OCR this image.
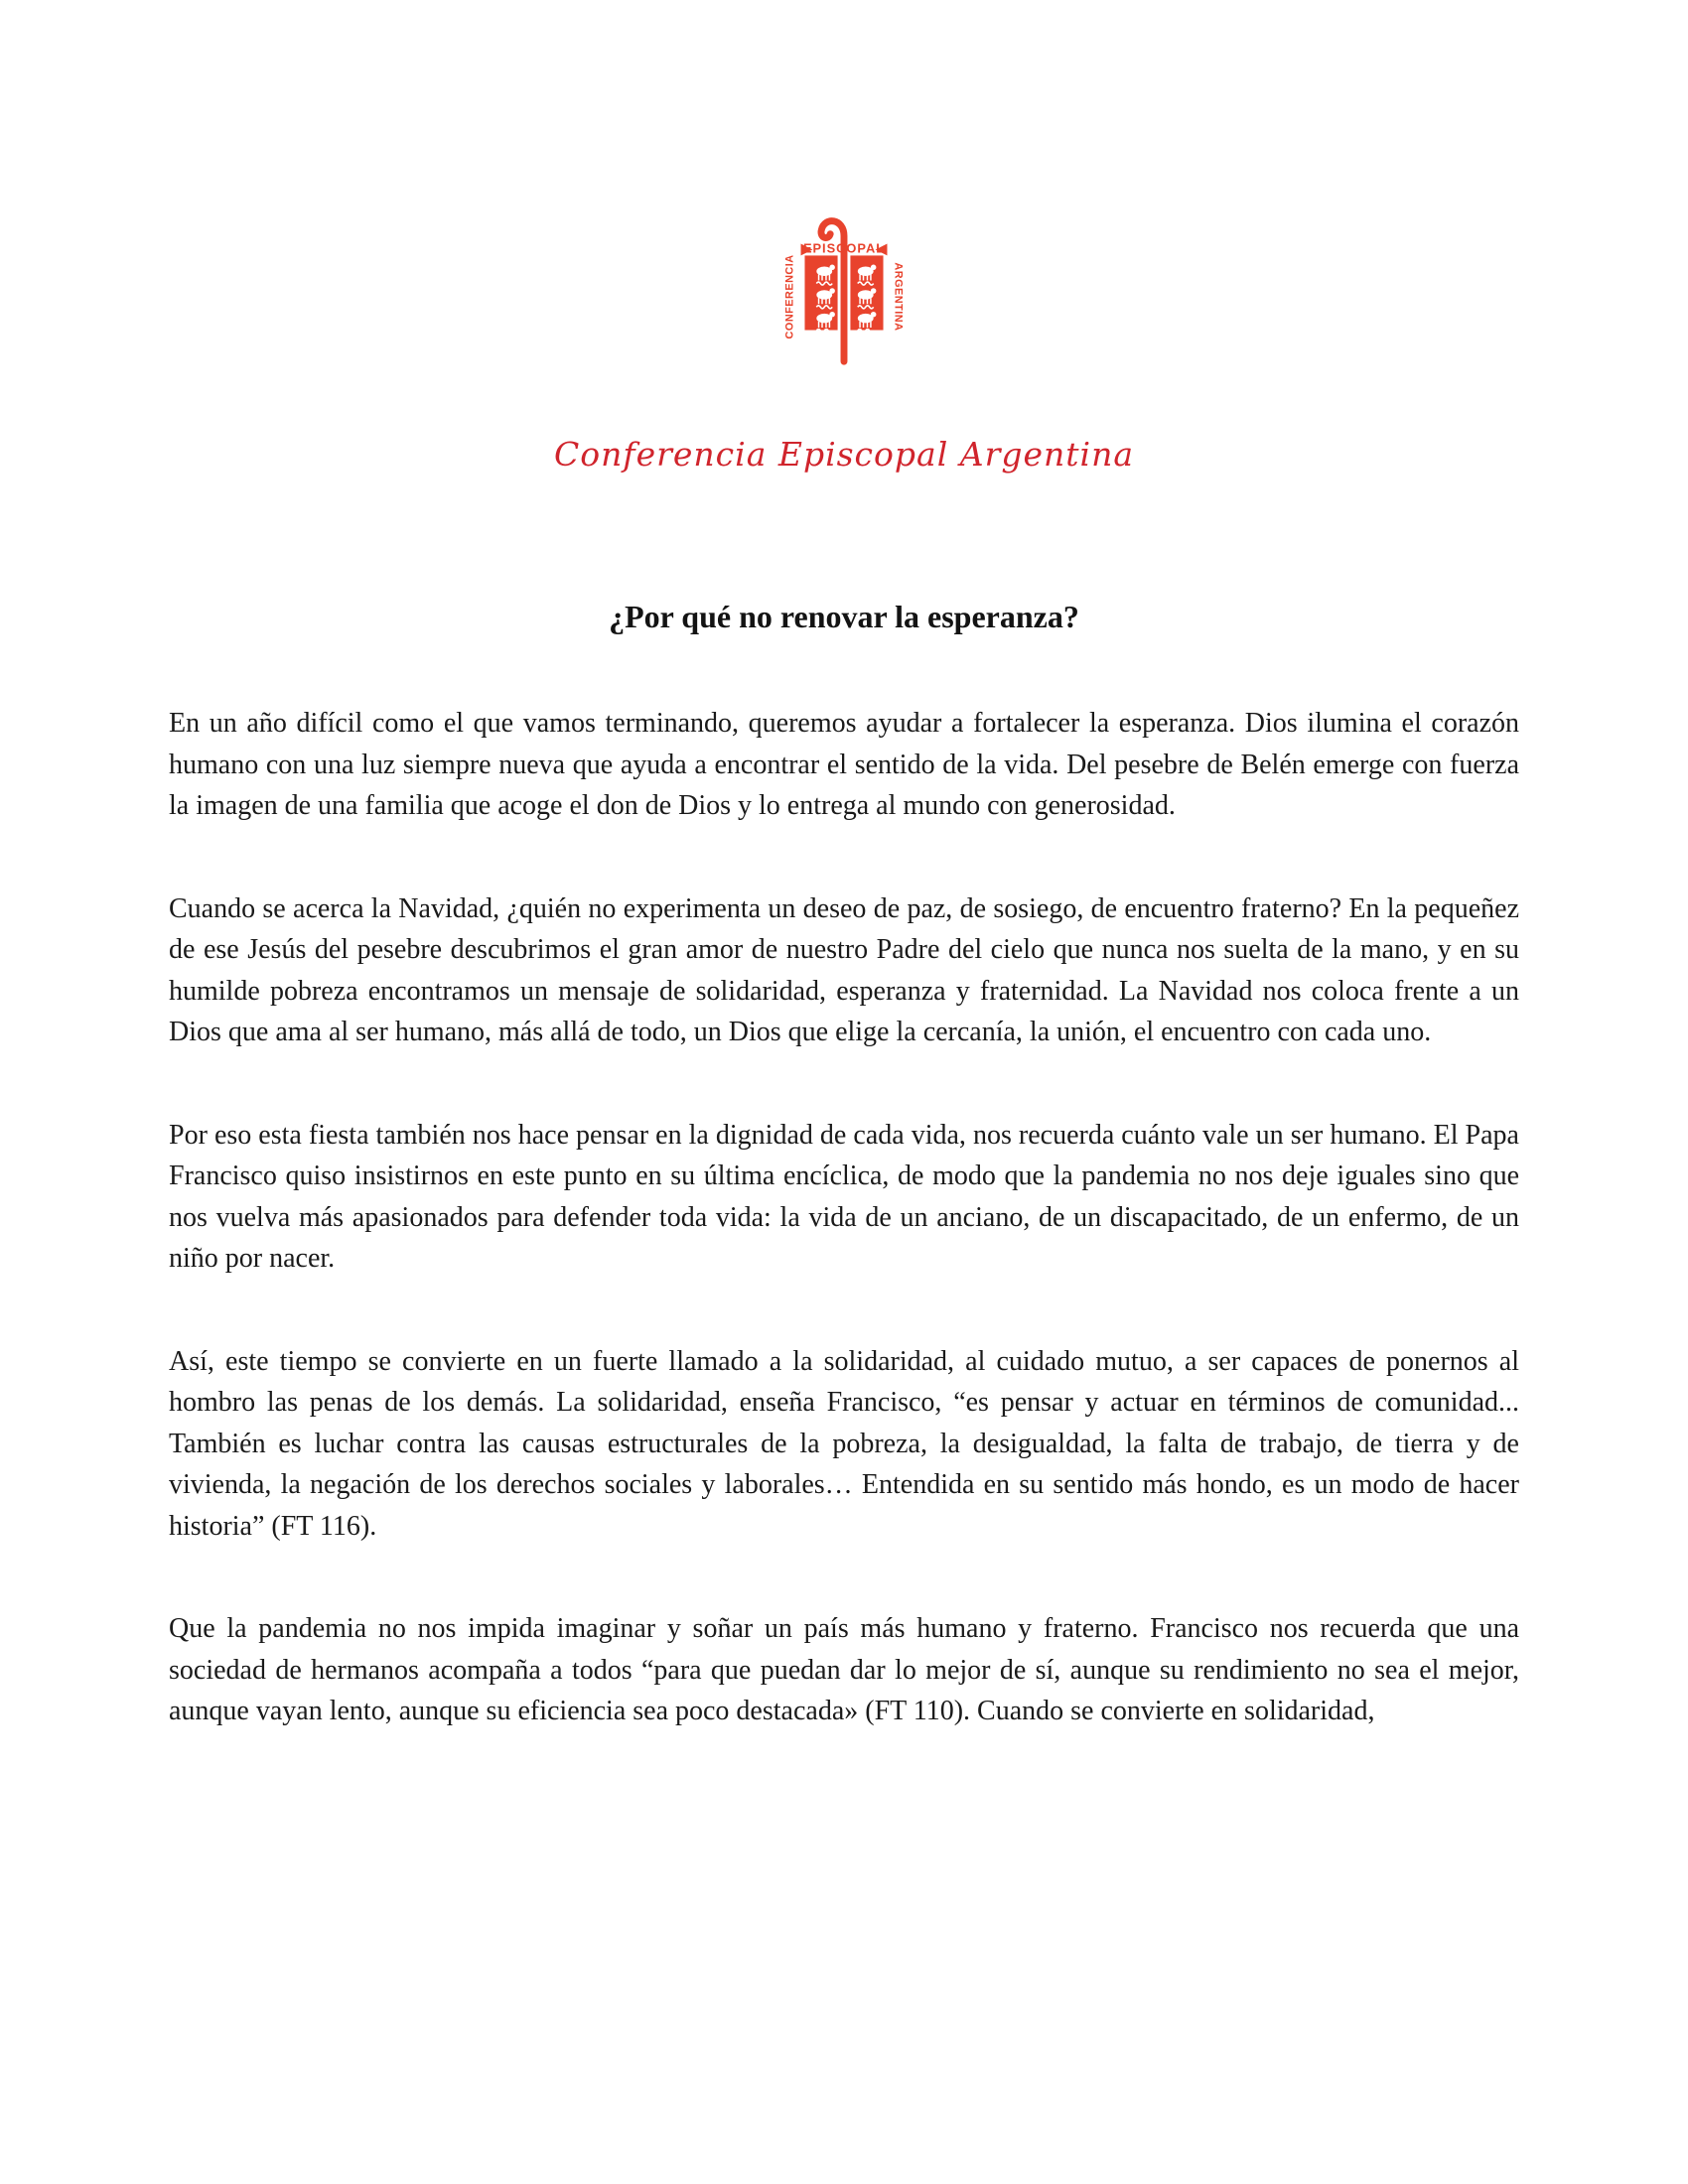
EPISCOPAL
CONFERENCIA	ARGENTINA
Conferencia Episcopal Argentina
¿Por qué no renovar la esperanza?

En un año difícil como el que vamos terminando, queremos ayudar a fortalecer la esperanza. Dios ilumina el corazón humano con una luz siempre nueva que ayuda a encontrar el sentido de la vida. Del pesebre de Belén emerge con fuerza la imagen de una familia que acoge el don de Dios y lo entrega al mundo con generosidad.

Cuando se acerca la Navidad, ¿quién no experimenta un deseo de paz, de sosiego, de encuentro fraterno? En la pequeñez de ese Jesús del pesebre descubrimos el gran amor de nuestro Padre del cielo que nunca nos suelta de la mano, y en su humilde pobreza encontramos un mensaje de solidaridad, esperanza y fraternidad. La Navidad nos coloca frente a un Dios que ama al ser humano, más allá de todo, un Dios que elige la cercanía, la unión, el encuentro con cada uno.

Por eso esta fiesta también nos hace pensar en la dignidad de cada vida, nos recuerda cuánto vale un ser humano. El Papa Francisco quiso insistirnos en este punto en su última encíclica, de modo que la pandemia no nos deje iguales sino que nos vuelva más apasionados para defender toda vida: la vida de un anciano, de un discapacitado, de un enfermo, de un niño por nacer.

Así, este tiempo se convierte en un fuerte llamado a la solidaridad, al cuidado mutuo, a ser capaces de ponernos al hombro las penas de los demás. La solidaridad, enseña Francisco, “es pensar y actuar en términos de comunidad... También es luchar contra las causas estructurales de la pobreza, la desigualdad, la falta de trabajo, de tierra y de vivienda, la negación de los derechos sociales y laborales… Entendida en su sentido más hondo, es un modo de hacer historia” (FT 116).

Que la pandemia no nos impida imaginar y soñar un país más humano y fraterno. Francisco nos recuerda que una sociedad de hermanos acompaña a todos “para que puedan dar lo mejor de sí, aunque su rendimiento no sea el mejor, aunque vayan lento, aunque su eficiencia sea poco destacada» (FT 110). Cuando se convierte en solidaridad,
